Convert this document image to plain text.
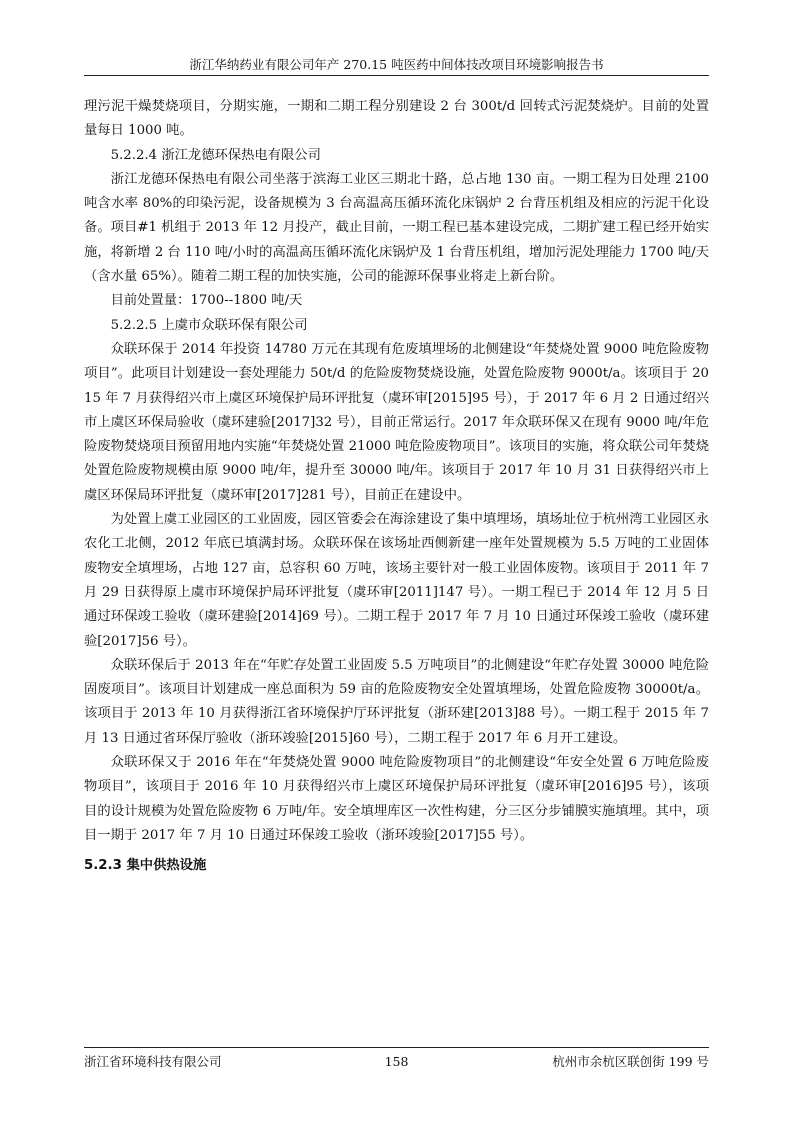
浙江华纳药业有限公司年产 270.15 吨医药中间体技改项目环境影响报告书

理污泥干燥焚烧项目，分期实施，一期和二期工程分别建设 2 台 300t/d 回转式污泥焚烧炉。目前的处置量每日 1000 吨。

5.2.2.4 浙江龙德环保热电有限公司

浙江龙德环保热电有限公司坐落于滨海工业区三期北十路，总占地 130 亩。一期工程为日处理 2100 吨含水率 80%的印染污泥，设备规模为 3 台高温高压循环流化床锅炉 2 台背压机组及相应的污泥干化设备。项目#1 机组于 2013 年 12 月投产，截止目前，一期工程已基本建设完成，二期扩建工程已经开始实施，将新增 2 台 110 吨/小时的高温高压循环流化床锅炉及 1 台背压机组，增加污泥处理能力 1700 吨/天（含水量 65%）。随着二期工程的加快实施，公司的能源环保事业将走上新台阶。

目前处置量：1700--1800 吨/天

5.2.2.5 上虞市众联环保有限公司

众联环保于 2014 年投资 14780 万元在其现有危废填埋场的北侧建设“年焚烧处置 9000 吨危险废物项目”。此项目计划建设一套处理能力 50t/d 的危险废物焚烧设施，处置危险废物 9000t/a。该项目于 2015 年 7 月获得绍兴市上虞区环境保护局环评批复（虞环审[2015]95 号），于 2017 年 6 月 2 日通过绍兴市上虞区环保局验收（虞环建验[2017]32 号），目前正常运行。2017 年众联环保又在现有 9000 吨/年危险废物焚烧项目预留用地内实施“年焚烧处置 21000 吨危险废物项目”。该项目的实施，将众联公司年焚烧处置危险废物规模由原 9000 吨/年，提升至 30000 吨/年。该项目于 2017 年 10 月 31 日获得绍兴市上虞区环保局环评批复（虞环审[2017]281 号），目前正在建设中。

为处置上虞工业园区的工业固废，园区管委会在海涂建设了集中填埋场，填场址位于杭州湾工业园区永农化工北侧，2012 年底已填满封场。众联环保在该场址西侧新建一座年处置规模为 5.5 万吨的工业固体废物安全填埋场，占地 127 亩，总容积 60 万吨，该场主要针对一般工业固体废物。该项目于 2011 年 7 月 29 日获得原上虞市环境保护局环评批复（虞环审[2011]147 号）。一期工程已于 2014 年 12 月 5 日通过环保竣工验收（虞环建验[2014]69 号）。二期工程于 2017 年 7 月 10 日通过环保竣工验收（虞环建验[2017]56 号）。

众联环保后于 2013 年在“年贮存处置工业固废 5.5 万吨项目”的北侧建设“年贮存处置 30000 吨危险固废项目”。该项目计划建成一座总面积为 59 亩的危险废物安全处置填埋场，处置危险废物 30000t/a。该项目于 2013 年 10 月获得浙江省环境保护厅环评批复（浙环建[2013]88 号）。一期工程于 2015 年 7 月 13 日通过省环保厅验收（浙环竣验[2015]60 号），二期工程于 2017 年 6 月开工建设。

众联环保又于 2016 年在“年焚烧处置 9000 吨危险废物项目”的北侧建设“年安全处置 6 万吨危险废物项目”，该项目于 2016 年 10 月获得绍兴市上虞区环境保护局环评批复（虞环审[2016]95 号），该项目的设计规模为处置危险废物 6 万吨/年。安全填埋库区一次性构建，分三区分步铺膜实施填埋。其中，项目一期于 2017 年 7 月 10 日通过环保竣工验收（浙环竣验[2017]55 号）。

5.2.3 集中供热设施

浙江省环境科技有限公司	158	杭州市余杭区联创街 199 号
